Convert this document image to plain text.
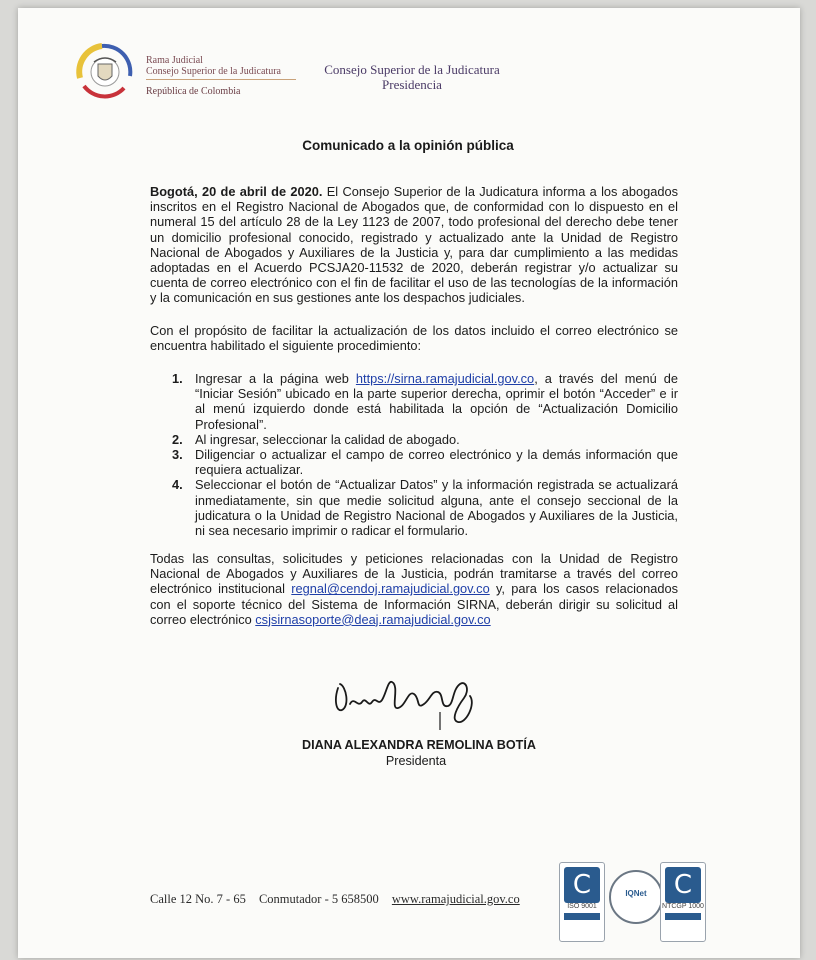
Rama Judicial
Consejo Superior de la Judicatura
República de Colombia
Consejo Superior de la Judicatura
Presidencia
Comunicado a la opinión pública
Bogotá, 20 de abril de 2020. El Consejo Superior de la Judicatura informa a los abogados inscritos en el Registro Nacional de Abogados que, de conformidad con lo dispuesto en el numeral 15 del artículo 28 de la Ley 1123 de 2007, todo profesional del derecho debe tener un domicilio profesional conocido, registrado y actualizado ante la Unidad de Registro Nacional de Abogados y Auxiliares de la Justicia y, para dar cumplimiento a las medidas adoptadas en el Acuerdo PCSJA20-11532 de 2020, deberán registrar y/o actualizar su cuenta de correo electrónico con el fin de facilitar el uso de las tecnologías de la información y la comunicación en sus gestiones ante los despachos judiciales.
Con el propósito de facilitar la actualización de los datos incluido el correo electrónico se encuentra habilitado el siguiente procedimiento:
1. Ingresar a la página web https://sirna.ramajudicial.gov.co, a través del menú de “Iniciar Sesión” ubicado en la parte superior derecha, oprimir el botón “Acceder” e ir al menú izquierdo donde está habilitada la opción de “Actualización Domicilio Profesional”.
2. Al ingresar, seleccionar la calidad de abogado.
3. Diligenciar o actualizar el campo de correo electrónico y la demás información que requiera actualizar.
4. Seleccionar el botón de “Actualizar Datos” y la información registrada se actualizará inmediatamente, sin que medie solicitud alguna, ante el consejo seccional de la judicatura o la Unidad de Registro Nacional de Abogados y Auxiliares de la Justicia, ni sea necesario imprimir o radicar el formulario.
Todas las consultas, solicitudes y peticiones relacionadas con la Unidad de Registro Nacional de Abogados y Auxiliares de la Justicia, podrán tramitarse a través del correo electrónico institucional regnal@cendoj.ramajudicial.gov.co y, para los casos relacionados con el soporte técnico del Sistema de Información SIRNA, deberán dirigir su solicitud al correo electrónico csjsirnasoporte@deaj.ramajudicial.gov.co
DIANA ALEXANDRA REMOLINA BOTÍA
Presidenta
Calle 12 No. 7 - 65 Conmutador - 5 658500 www.ramajudicial.gov.co	C
ISO 9001
IQNet	C
NTCGP 1000
